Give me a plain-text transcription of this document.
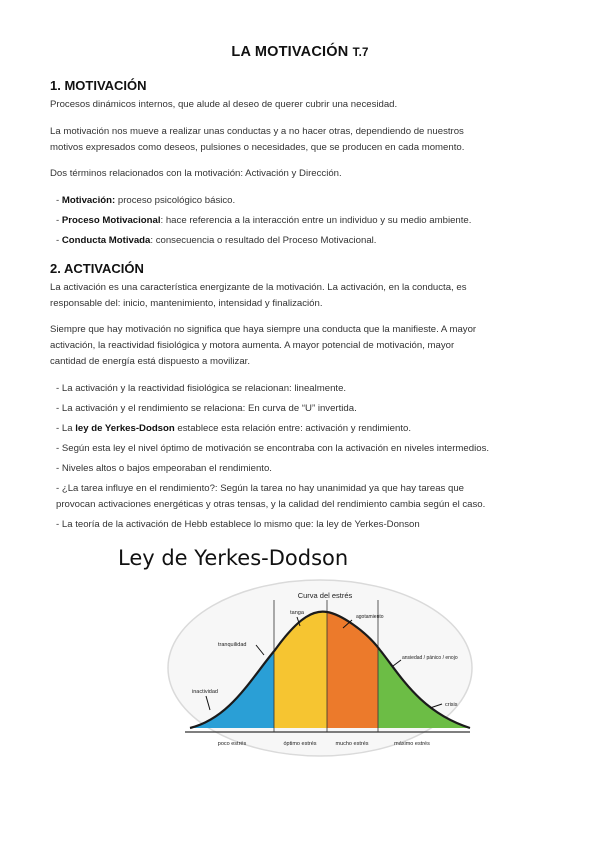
LA MOTIVACIÓN T.7
1. MOTIVACIÓN
Procesos dinámicos internos, que alude al deseo de querer cubrir una necesidad.
La motivación nos mueve a realizar unas conductas y a no hacer otras, dependiendo de nuestros
motivos expresados como deseos, pulsiones o necesidades, que se producen en cada momento.
Dos términos relacionados con la motivación: Activación y Dirección.
- Motivación: proceso psicológico básico.
- Proceso Motivacional: hace referencia a la interacción entre un individuo y su medio ambiente.
- Conducta Motivada: consecuencia o resultado del Proceso Motivacional.
2. ACTIVACIÓN
La activación es una característica energizante de la motivación. La activación, en la conducta, es
responsable del: inicio, mantenimiento, intensidad y finalización.
Siempre que hay motivación no significa que haya siempre una conducta que la manifieste. A mayor
activación, la reactividad fisiológica y motora aumenta. A mayor potencial de motivación, mayor
cantidad de energía está dispuesto a movilizar.
- La activación y la reactividad fisiológica se relacionan: linealmente.
- La activación y el rendimiento se relaciona: En curva de “U” invertida.
- La ley de Yerkes-Dodson establece esta relación entre: activación y rendimiento.
- Según esta ley el nivel óptimo de motivación se encontraba con la activación en niveles intermedios.
- Niveles altos o bajos empeoraban el rendimiento.
- ¿La tarea influye en el rendimiento?: Según la tarea no hay unanimidad ya que hay tareas que
provocan activaciones energéticas y otras tensas, y la calidad del rendimiento cambia según el caso.
- La teoría de la activación de Hebb establece lo mismo que: la ley de Yerkes-Donson
Ley de Yerkes-Dodson
Curva del estrés
tanga
agotamiento
tranquilidad
ansiedad / pánico / enojo
inactividad
crisis
poco estrés	óptimo estrés	mucho estrés	máximo estrés
